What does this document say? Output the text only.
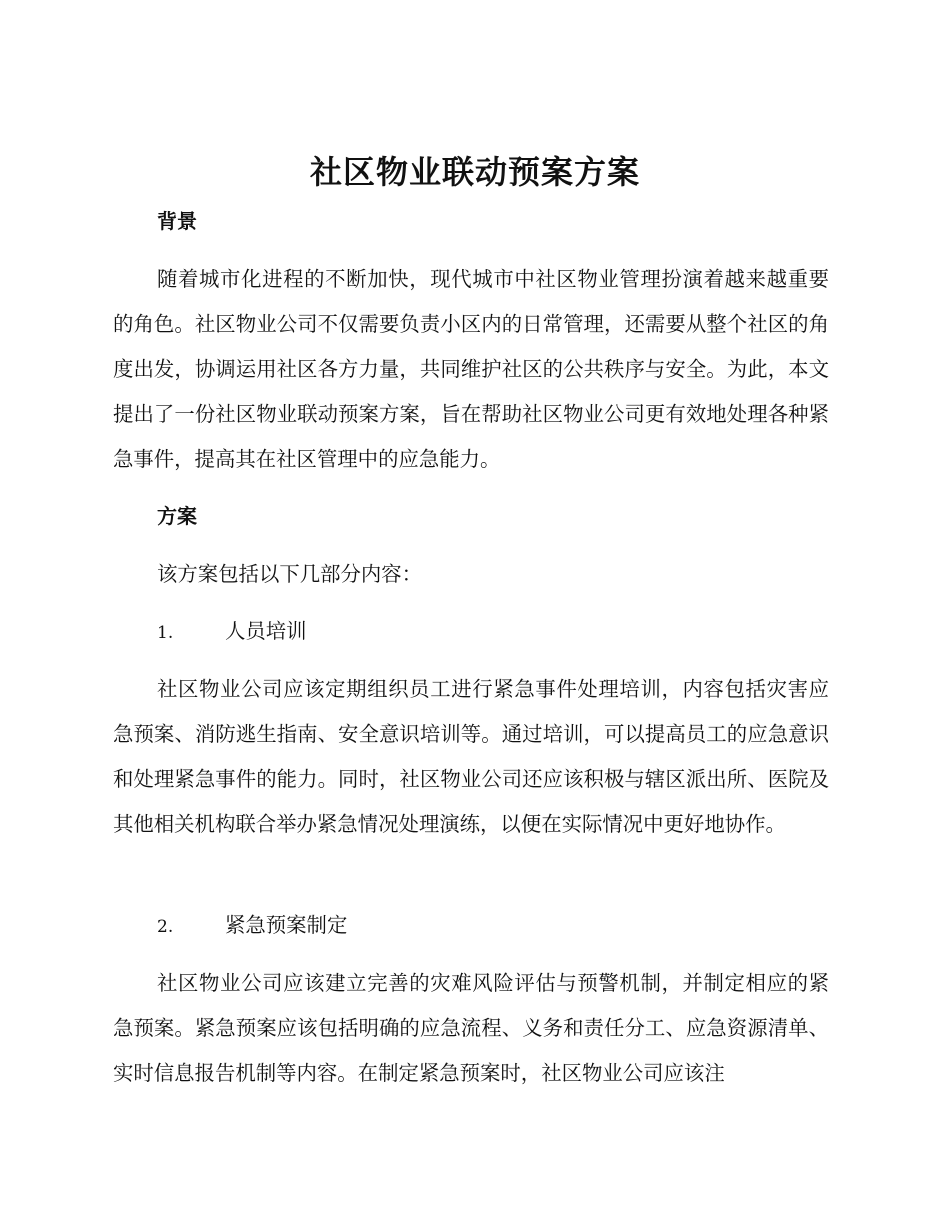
社区物业联动预案方案
背景

随着城市化进程的不断加快，现代城市中社区物业管理扮演着越来越重要的角色。社区物业公司不仅需要负责小区内的日常管理，还需要从整个社区的角度出发，协调运用社区各方力量，共同维护社区的公共秩序与安全。为此，本文提出了一份社区物业联动预案方案，旨在帮助社区物业公司更有效地处理各种紧急事件，提高其在社区管理中的应急能力。

方案
该方案包括以下几部分内容：
1.	人员培训

社区物业公司应该定期组织员工进行紧急事件处理培训，内容包括灾害应急预案、消防逃生指南、安全意识培训等。通过培训，可以提高员工的应急意识和处理紧急事件的能力。同时，社区物业公司还应该积极与辖区派出所、医院及其他相关机构联合举办紧急情况处理演练，以便在实际情况中更好地协作。

2.	紧急预案制定

社区物业公司应该建立完善的灾难风险评估与预警机制，并制定相应的紧急预案。紧急预案应该包括明确的应急流程、义务和责任分工、应急资源清单、实时信息报告机制等内容。在制定紧急预案时，社区物业公司应该注
